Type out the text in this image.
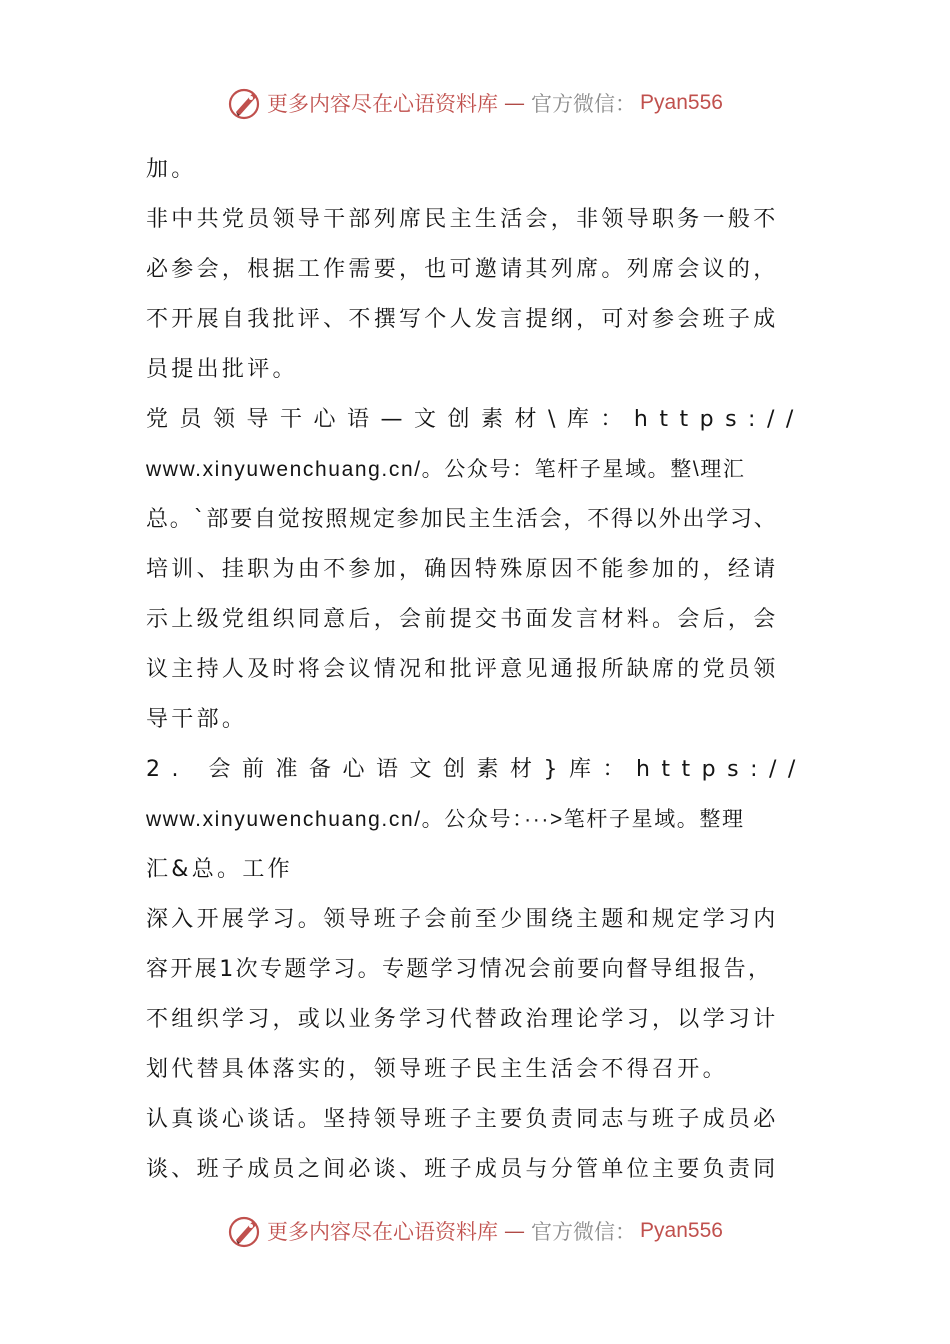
更多内容尽在心语资料库 — 官方微信： Pyan556
加。
非中共党员领导干部列席民主生活会，非领导职务一般不
必参会，根据工作需要，也可邀请其列席。列席会议的，
不开展自我批评、不撰写个人发言提纲，可对参会班子成
员提出批评。
党员领导干心语—文创素材\库：https://
www.xinyuwenchuang.cn/。公众号：笔杆子星域。整\理汇
总。`部要自觉按照规定参加民主生活会，不得以外出学习、
培训、挂职为由不参加，确因特殊原因不能参加的，经请
示上级党组织同意后，会前提交书面发言材料。会后，会
议主持人及时将会议情况和批评意见通报所缺席的党员领
导干部。
2. 会前准备心语文创素材}库：https://
www.xinyuwenchuang.cn/。公众号：···>笔杆子星域。整理
汇&总。工作
深入开展学习。领导班子会前至少围绕主题和规定学习内
容开展1次专题学习。专题学习情况会前要向督导组报告，
不组织学习，或以业务学习代替政治理论学习，以学习计
划代替具体落实的，领导班子民主生活会不得召开。
认真谈心谈话。坚持领导班子主要负责同志与班子成员必
谈、班子成员之间必谈、班子成员与分管单位主要负责同
更多内容尽在心语资料库 — 官方微信： Pyan556
